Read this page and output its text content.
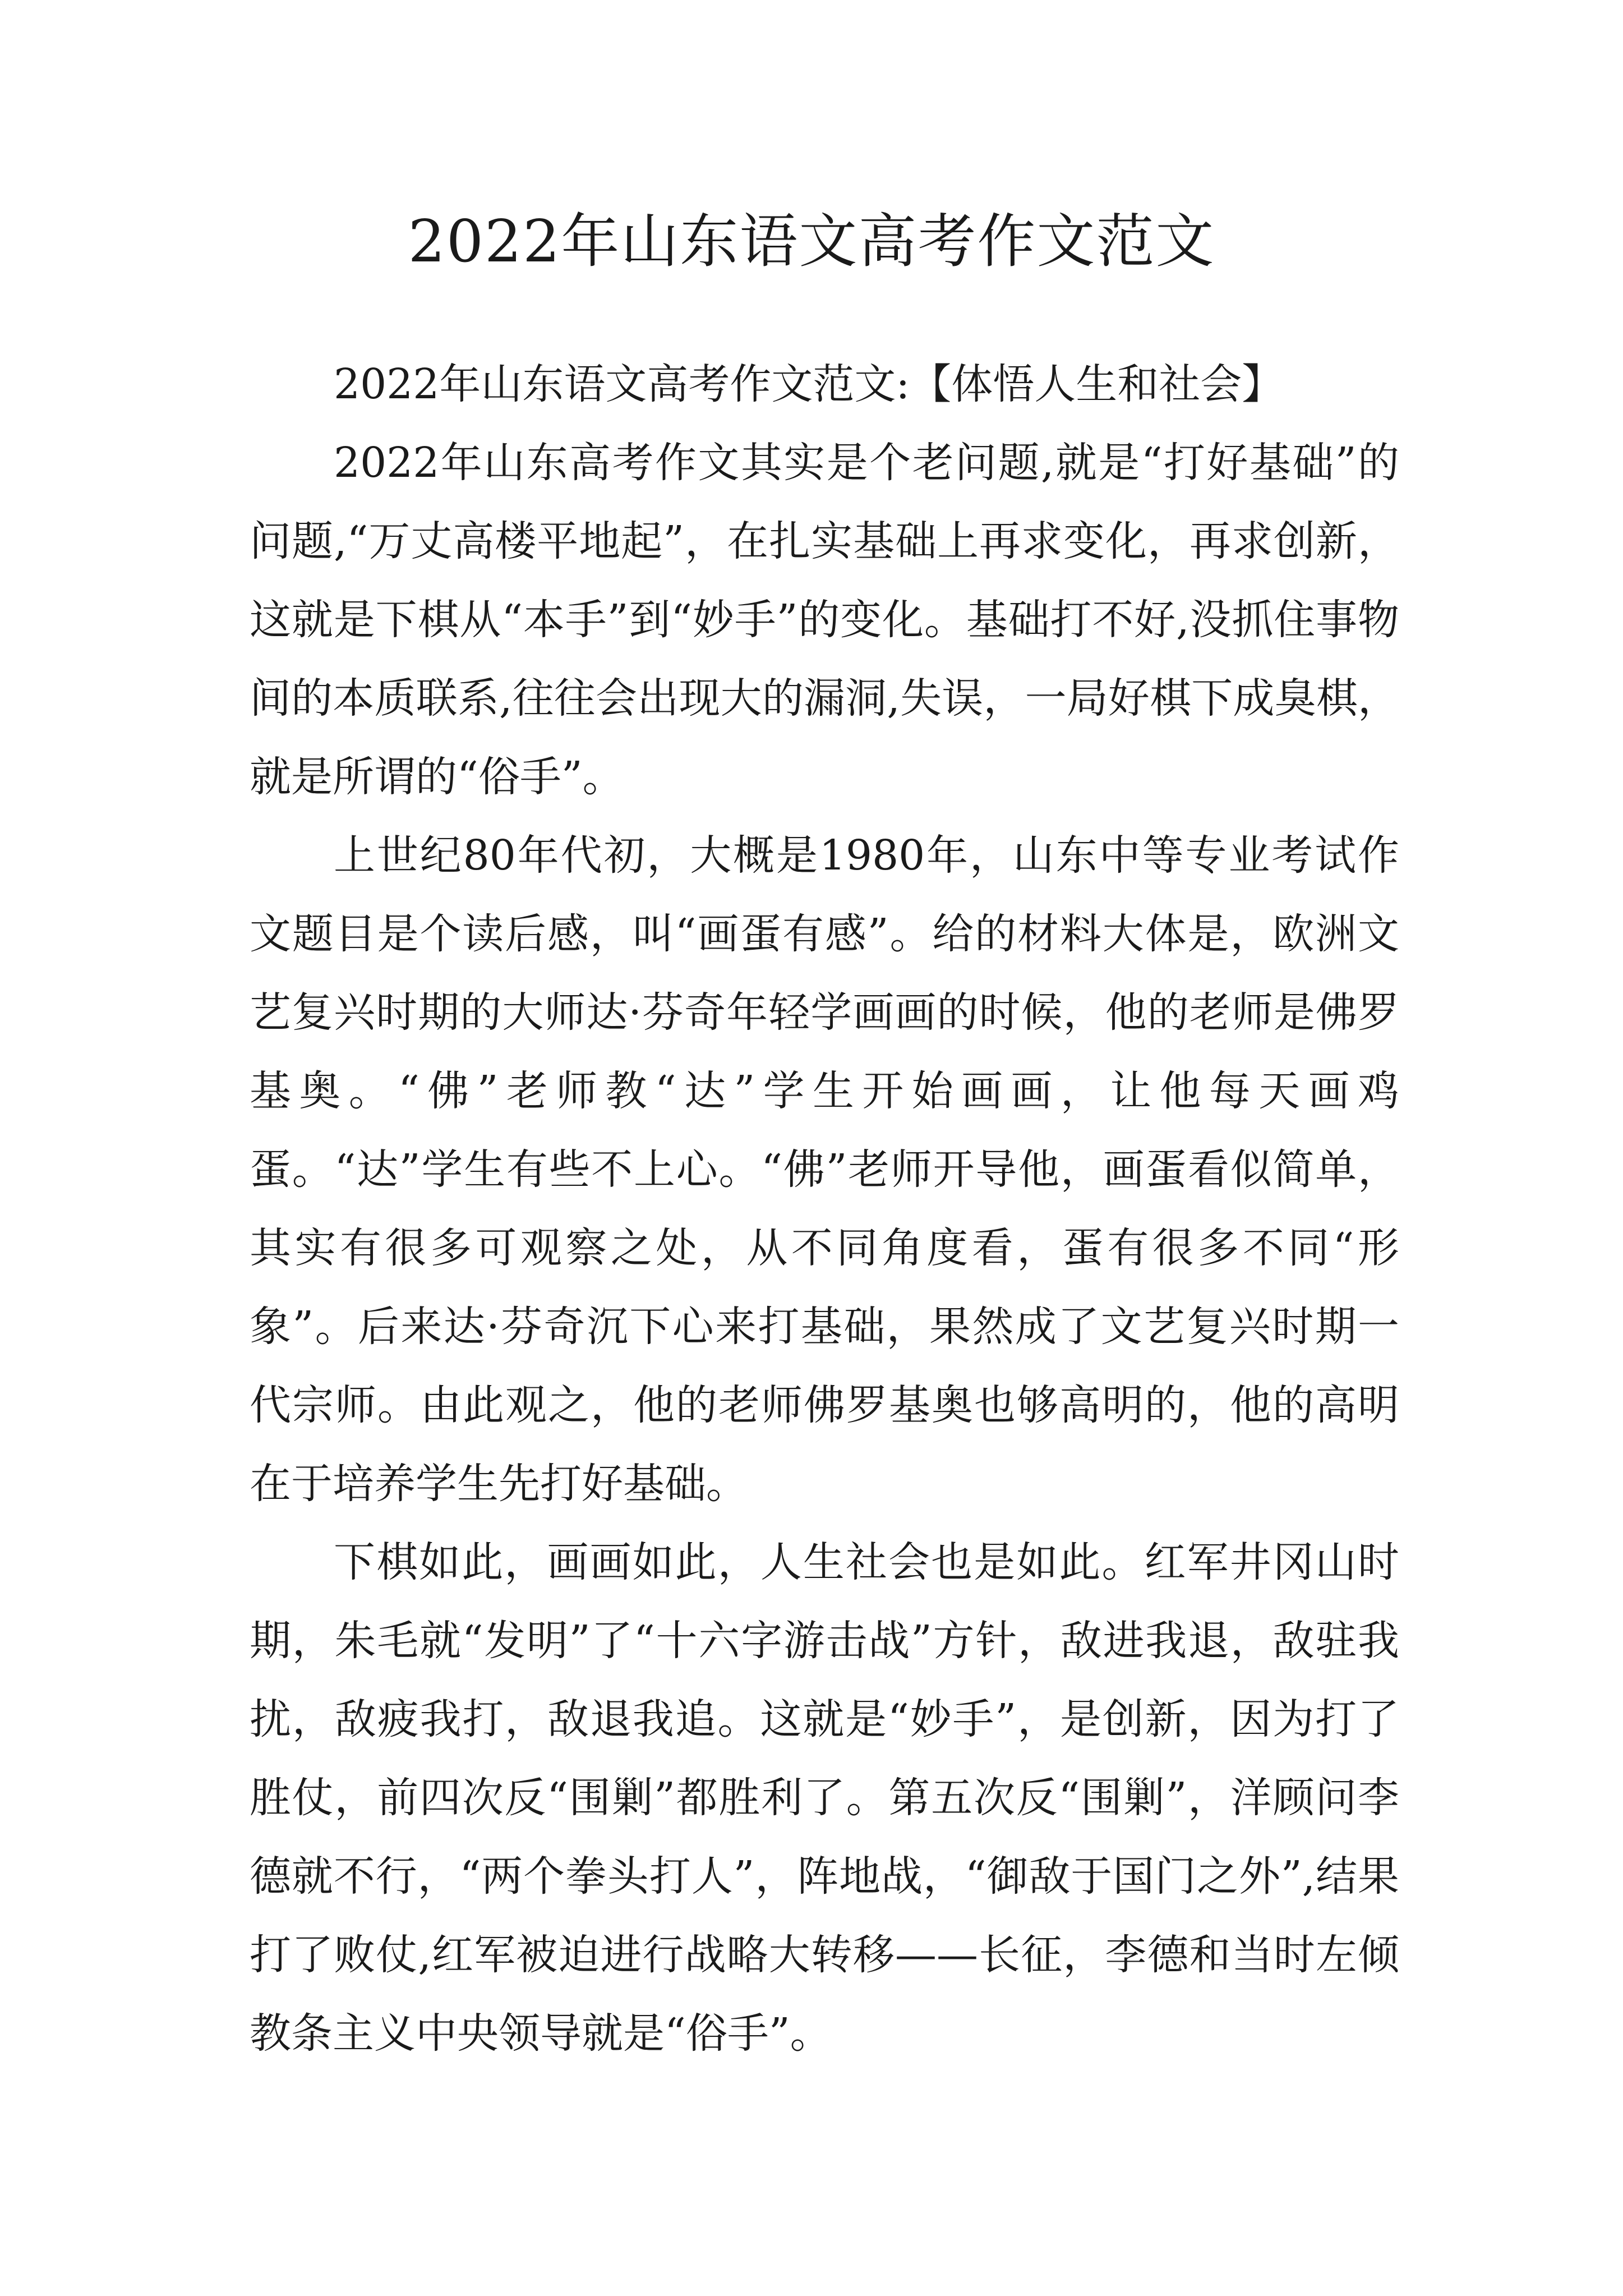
2022年山东语文高考作文范文

2022年山东语文高考作文范文:【体悟人生和社会】

2022年山东高考作文其实是个老问题,就是“打好基础”的问题,“万丈高楼平地起”，在扎实基础上再求变化，再求创新，这就是下棋从“本手”到“妙手”的变化。基础打不好,没抓住事物间的本质联系,往往会出现大的漏洞,失误，一局好棋下成臭棋，就是所谓的“俗手”。

上世纪80年代初，大概是1980年，山东中等专业考试作文题目是个读后感，叫“画蛋有感”。给的材料大体是，欧洲文艺复兴时期的大师达·芬奇年轻学画画的时候，他的老师是佛罗基奥。“佛”老师教“达”学生开始画画，让他每天画鸡蛋。“达”学生有些不上心。“佛”老师开导他，画蛋看似简单，其实有很多可观察之处，从不同角度看，蛋有很多不同“形象”。后来达·芬奇沉下心来打基础，果然成了文艺复兴时期一代宗师。由此观之，他的老师佛罗基奥也够高明的，他的高明在于培养学生先打好基础。

下棋如此，画画如此，人生社会也是如此。红军井冈山时期，朱毛就“发明”了“十六字游击战”方针，敌进我退，敌驻我扰，敌疲我打，敌退我追。这就是“妙手”，是创新，因为打了胜仗，前四次反“围剿”都胜利了。第五次反“围剿”，洋顾问李德就不行，“两个拳头打人”，阵地战，“御敌于国门之外”,结果打了败仗,红军被迫进行战略大转移——长征，李德和当时左倾教条主义中央领导就是“俗手”。
